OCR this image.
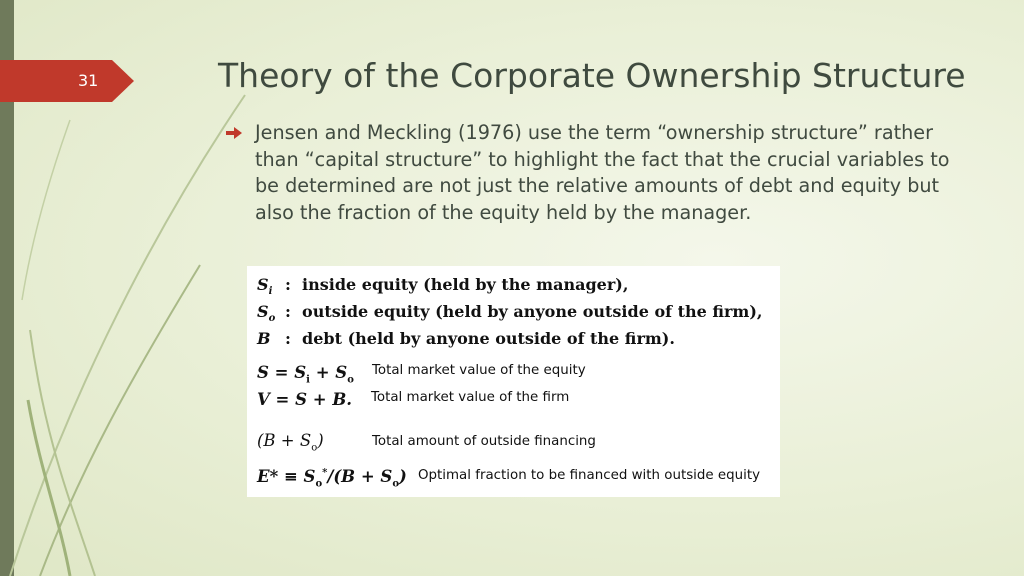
31	Theory of the Corporate Ownership Structure
Jensen and Meckling (1976) use the term “ownership structure” rather than “capital structure” to highlight the fact that the crucial variables to be determined are not just the relative amounts of debt and equity but also the fraction of the equity held by the manager.
$S_i$ :  inside equity (held by the manager),
$S_o$ :  outside equity (held by anyone outside of the firm),
B :  debt (held by anyone outside of the firm).
$S = S_i + S_o$
Total market value of the equity
V = S + B. Total market value of the firm
$(B + S_o)$	Total amount of outside financing
$E* \equiv S_o^*/(B + S_o)$ Optimal fraction to be financed with outside equity
